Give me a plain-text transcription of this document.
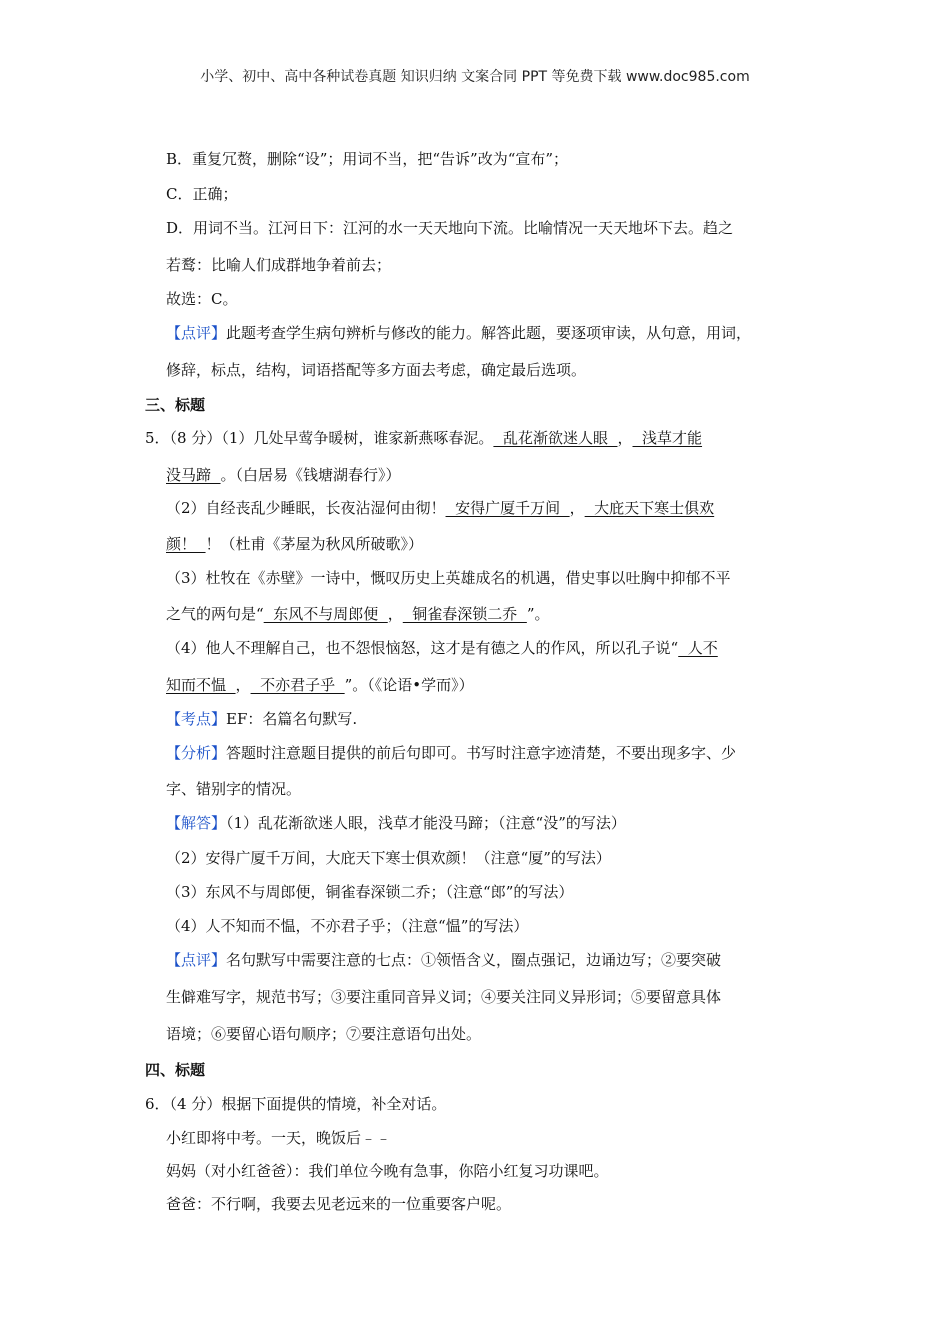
小学、初中、高中各种试卷真题 知识归纳 文案合同 PPT 等免费下载 www.doc985.com
B．重复冗赘，删除“设”；用词不当，把“告诉”改为“宣布”；
C．正确；
D．用词不当。江河日下：江河的水一天天地向下流。比喻情况一天天地坏下去。趋之
若鹜：比喻人们成群地争着前去；
故选：C。
【点评】此题考查学生病句辨析与修改的能力。解答此题，要逐项审读，从句意，用词，
修辞，标点，结构，词语搭配等多方面去考虑，确定最后选项。
三、标题
5．（8 分）（1）几处早莺争暖树，谁家新燕啄春泥。  乱花渐欲迷人眼  ，  浅草才能
没马蹄  。（白居易《钱塘湖春行》）
（2）自经丧乱少睡眠，长夜沾湿何由彻！  安得广厦千万间  ，  大庇天下寒士俱欢
颜！  ！（杜甫《茅屋为秋风所破歌》）
（3）杜牧在《赤壁》一诗中，慨叹历史上英雄成名的机遇，借史事以吐胸中抑郁不平
之气的两句是“  东风不与周郎便  ，  铜雀春深锁二乔  ”。
（4）他人不理解自己，也不怨恨恼怒，这才是有德之人的作风，所以孔子说“  人不
知而不愠  ，  不亦君子乎  ”。（《论语•学而》）
【考点】EF：名篇名句默写.
【分析】答题时注意题目提供的前后句即可。书写时注意字迹清楚，不要出现多字、少
字、错别字的情况。
【解答】（1）乱花渐欲迷人眼，浅草才能没马蹄；（注意“没”的写法）
（2）安得广厦千万间，大庇天下寒士俱欢颜！（注意“厦”的写法）
（3）东风不与周郎便，铜雀春深锁二乔；（注意“郎”的写法）
（4）人不知而不愠，不亦君子乎；（注意“愠”的写法）
【点评】名句默写中需要注意的七点：①领悟含义，圈点强记，边诵边写；②要突破
生僻难写字，规范书写；③要注重同音异义词；④要关注同义异形词；⑤要留意具体
语境；⑥要留心语句顺序；⑦要注意语句出处。
四、标题
6．（4 分）根据下面提供的情境，补全对话。
小红即将中考。一天，晚饭后﹣﹣
妈妈（对小红爸爸）：我们单位今晚有急事，你陪小红复习功课吧。
爸爸：不行啊，我要去见老远来的一位重要客户呢。
